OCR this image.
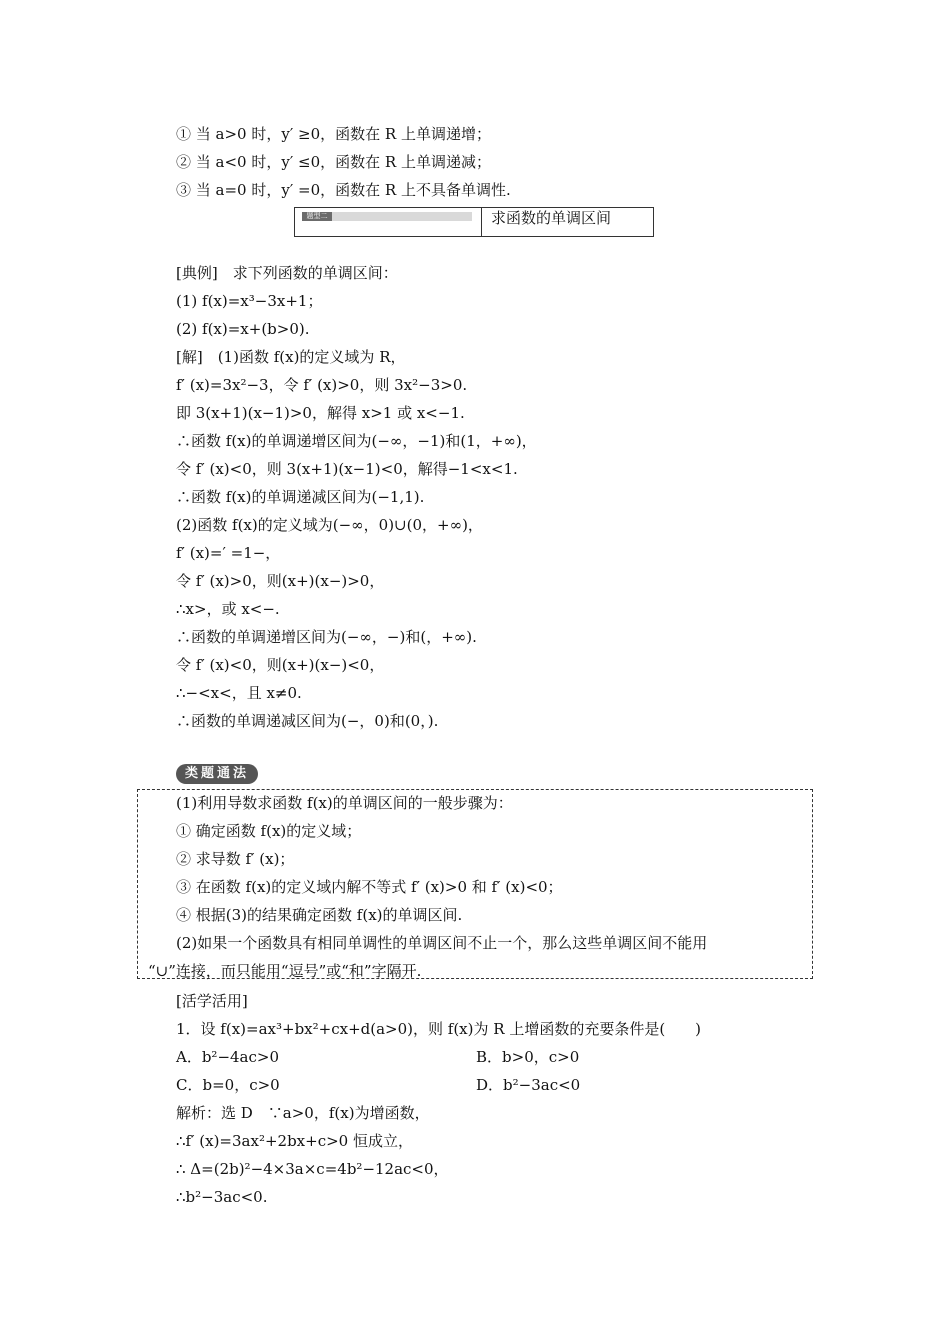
① 当 a>0 时，y′ ≥0，函数在 R 上单调递增；
② 当 a<0 时，y′ ≤0，函数在 R 上单调递减；
③ 当 a=0 时，y′ =0，函数在 R 上不具备单调性.
题型二	求函数的单调区间
[典例]　求下列函数的单调区间：
(1) f(x)=x³−3x+1；
(2) f(x)=x+(b>0).
[解]　(1)函数 f(x)的定义域为 R，
f′ (x)=3x²−3，令 f′ (x)>0，则 3x²−3>0.
即 3(x+1)(x−1)>0，解得 x>1 或 x<−1.
∴函数 f(x)的单调递增区间为(−∞，−1)和(1，+∞)，
令 f′ (x)<0，则 3(x+1)(x−1)<0，解得−1<x<1.
∴函数 f(x)的单调递减区间为(−1,1).
(2)函数 f(x)的定义域为(−∞，0)∪(0，+∞)，
f′ (x)=′ =1−，
令 f′ (x)>0，则(x+)(x−)>0，
∴x>，或 x<−.
∴函数的单调递增区间为(−∞，−)和(，+∞).
令 f′ (x)<0，则(x+)(x−)<0，
∴−<x<，且 x≠0.
∴函数的单调递减区间为(−，0)和(0，).
类题通法
(1)利用导数求函数 f(x)的单调区间的一般步骤为：
① 确定函数 f(x)的定义域；
② 求导数 f′ (x)；
③ 在函数 f(x)的定义域内解不等式 f′ (x)>0 和 f′ (x)<0；
④ 根据(3)的结果确定函数 f(x)的单调区间.
(2)如果一个函数具有相同单调性的单调区间不止一个，那么这些单调区间不能用
“∪”连接，而只能用“逗号”或“和”字隔开.
[活学活用]
1．设 f(x)=ax³+bx²+cx+d(a>0)，则 f(x)为 R 上增函数的充要条件是(　　)
A．b²−4ac>0	B．b>0，c>0
C．b=0，c>0	D．b²−3ac<0
解析：选 D　∵a>0，f(x)为增函数，
∴f′ (x)=3ax²+2bx+c>0 恒成立，
∴ Δ=(2b)²−4×3a×c=4b²−12ac<0，
∴b²−3ac<0.
